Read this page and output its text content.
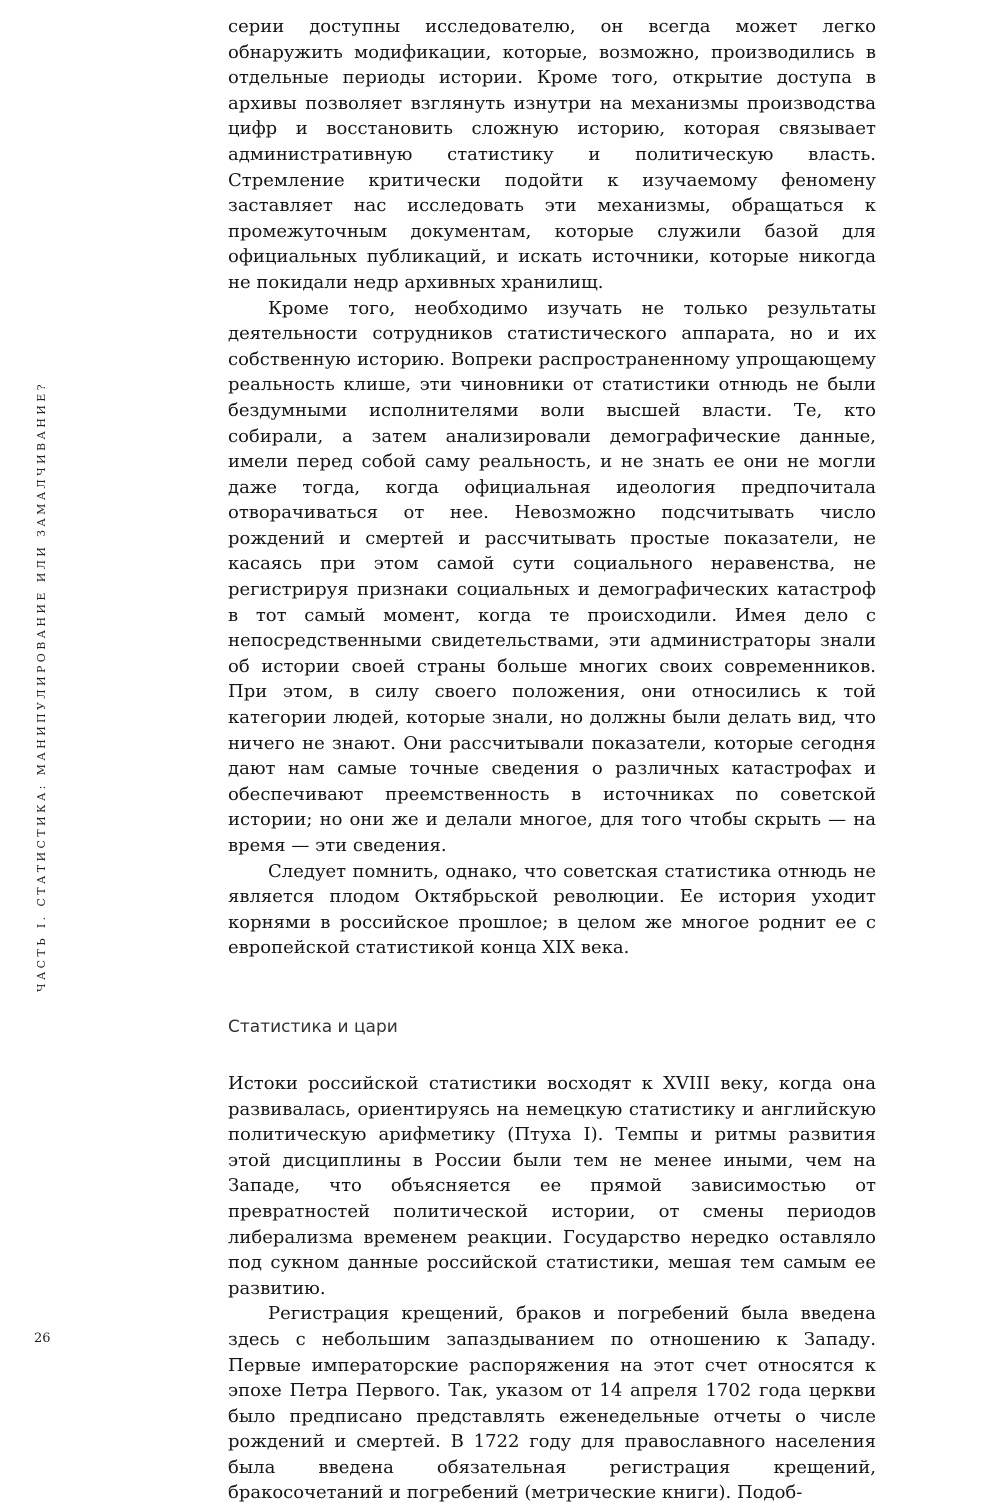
ЧАСТЬ I. СТАТИСТИКА: МАНИПУЛИРОВАНИЕ ИЛИ ЗАМАЛЧИВАНИЕ?

серии доступны исследователю, он всегда может легко обнаружить модификации, которые, возможно, производились в отдельные периоды истории. Кроме того, открытие доступа в архивы позволяет взглянуть изнутри на механизмы производства цифр и восстановить сложную историю, которая связывает административную статистику и политическую власть. Стремление критически подойти к изучаемому феномену заставляет нас исследовать эти механизмы, обращаться к промежуточным документам, которые служили базой для официальных публикаций, и искать источники, которые никогда не покидали недр архивных хранилищ.

Кроме того, необходимо изучать не только результаты деятельности сотрудников статистического аппарата, но и их собственную историю. Вопреки распространенному упрощающему реальность клише, эти чиновники от статистики отнюдь не были бездумными исполнителями воли высшей власти. Те, кто собирали, а затем анализировали демографические данные, имели перед собой саму реальность, и не знать ее они не могли даже тогда, когда официальная идеология предпочитала отворачиваться от нее. Невозможно подсчитывать число рождений и смертей и рассчитывать простые показатели, не касаясь при этом самой сути социального неравенства, не регистрируя признаки социальных и демографических катастроф в тот самый момент, когда те происходили. Имея дело с непосредственными свидетельствами, эти администраторы знали об истории своей страны больше многих своих современников. При этом, в силу своего положения, они относились к той категории людей, которые знали, но должны были делать вид, что ничего не знают. Они рассчитывали показатели, которые сегодня дают нам самые точные сведения о различных катастрофах и обеспечивают преемственность в источниках по советской истории; но они же и делали многое, для того чтобы скрыть — на время — эти сведения.

Следует помнить, однако, что советская статистика отнюдь не является плодом Октябрьской революции. Ее история уходит корнями в российское прошлое; в целом же многое роднит ее с европейской статистикой конца XIX века.

Статистика и цари

Истоки российской статистики восходят к XVIII веку, когда она развивалась, ориентируясь на немецкую статистику и английскую политическую арифметику (Птуха I). Темпы и ритмы развития этой дисциплины в России были тем не менее иными, чем на Западе, что объясняется ее прямой зависимостью от превратностей политической истории, от смены периодов либерализма временем реакции. Государство нередко оставляло под сукном данные российской статистики, мешая тем самым ее развитию.

Регистрация крещений, браков и погребений была введена здесь с небольшим запаздыванием по отношению к Западу. Первые императорские распоряжения на этот счет относятся к эпохе Петра Первого. Так, указом от 14 апреля 1702 года церкви было предписано представлять еженедельные отчеты о числе рождений и смертей. В 1722 году для православного населения была введена обязательная регистрация крещений, бракосочетаний и погребений (метрические книги). Подоб-

26
